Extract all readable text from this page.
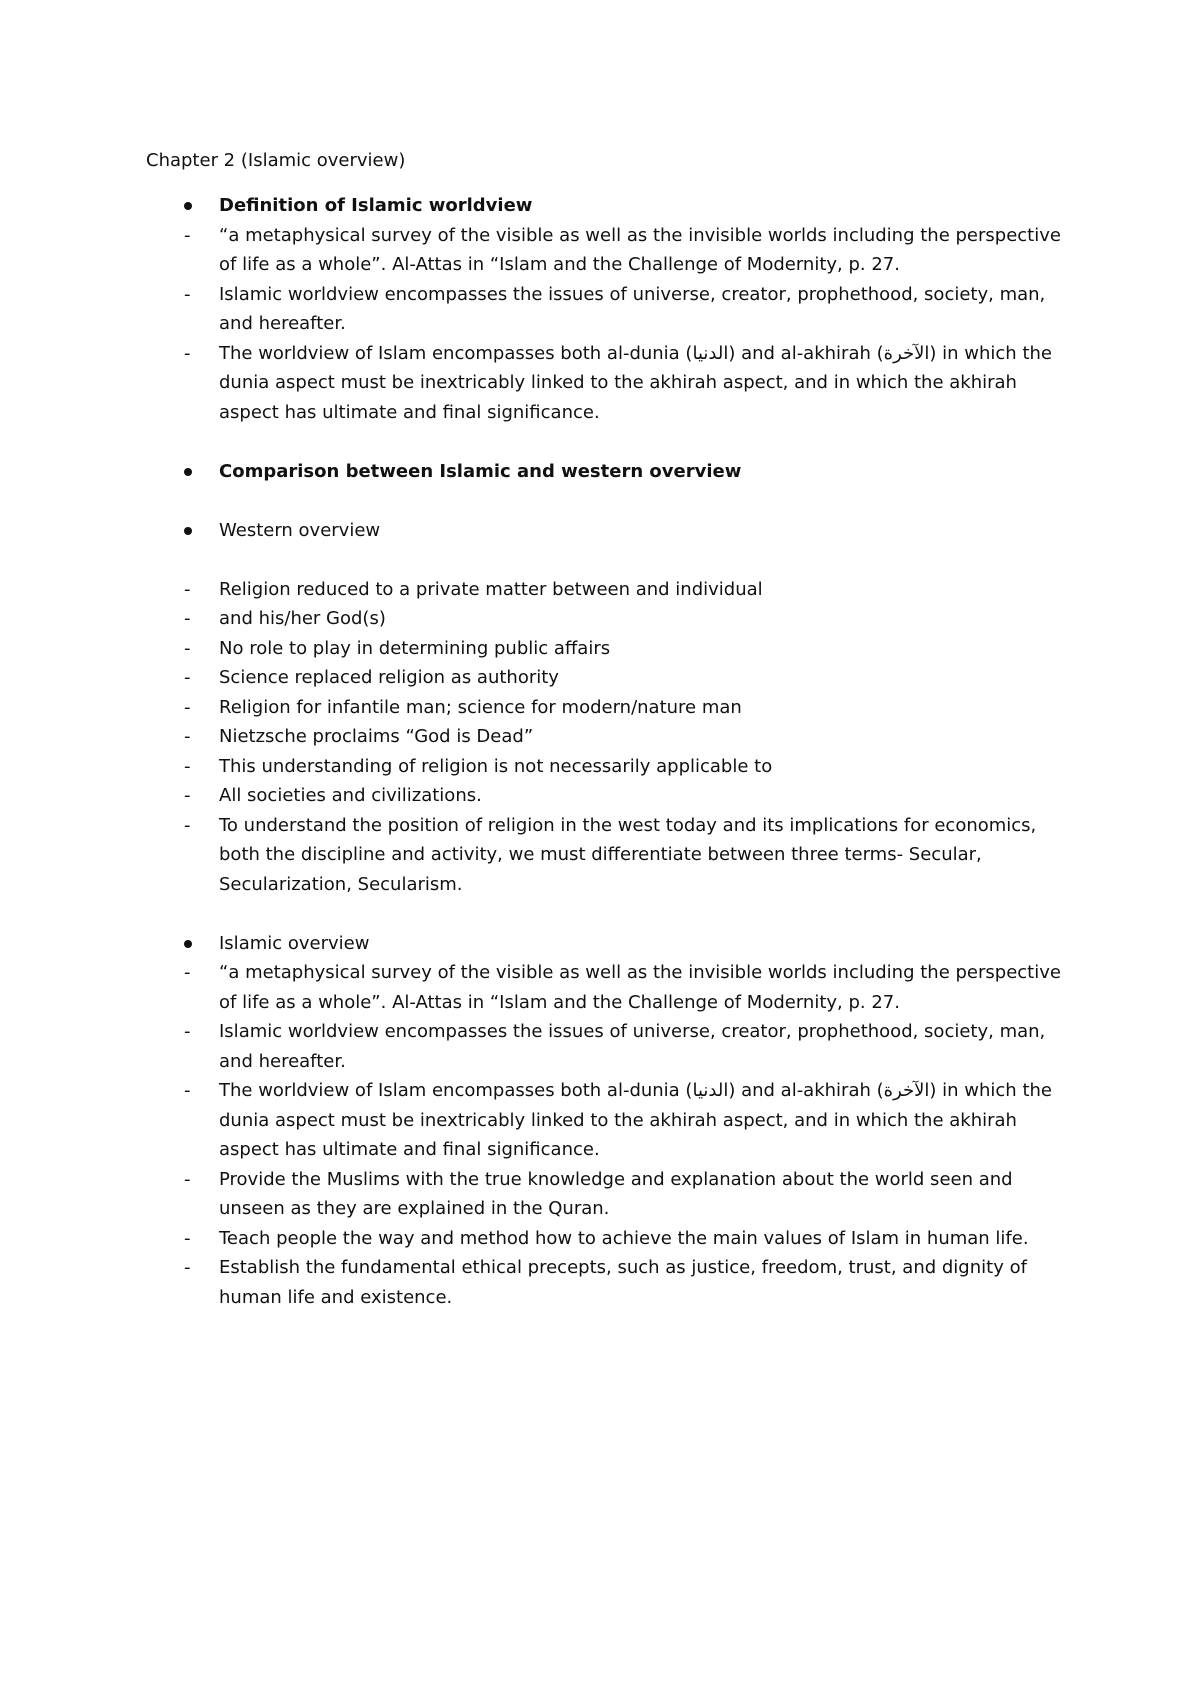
Chapter 2 (Islamic overview)
Definition of Islamic worldview
-	“a metaphysical survey of the visible as well as the invisible worlds including the perspective of life as a whole”. Al-Attas in “Islam and the Challenge of Modernity, p. 27.
-	Islamic worldview encompasses the issues of universe, creator, prophethood, society, man, and hereafter.
-	The worldview of Islam encompasses both al-dunia (الدنيا) and al-akhirah (الآخرة) in which the dunia aspect must be inextricably linked to the akhirah aspect, and in which the akhirah aspect has ultimate and final significance.
Comparison between Islamic and western overview
Western overview
-	Religion reduced to a private matter between and individual
-	and his/her God(s)
-	No role to play in determining public affairs
-	Science replaced religion as authority
-	Religion for infantile man; science for modern/nature man
-	Nietzsche proclaims “God is Dead”
-	This understanding of religion is not necessarily applicable to
-	All societies and civilizations.
-	To understand the position of religion in the west today and its implications for economics, both the discipline and activity, we must differentiate between three terms- Secular, Secularization, Secularism.
Islamic overview
-	“a metaphysical survey of the visible as well as the invisible worlds including the perspective of life as a whole”. Al-Attas in “Islam and the Challenge of Modernity, p. 27.
-	Islamic worldview encompasses the issues of universe, creator, prophethood, society, man, and hereafter.
-	The worldview of Islam encompasses both al-dunia (الدنيا) and al-akhirah (الآخرة) in which the dunia aspect must be inextricably linked to the akhirah aspect, and in which the akhirah aspect has ultimate and final significance.
-	Provide the Muslims with the true knowledge and explanation about the world seen and unseen as they are explained in the Quran.
-	Teach people the way and method how to achieve the main values of Islam in human life.
-	Establish the fundamental ethical precepts, such as justice, freedom, trust, and dignity of human life and existence.
